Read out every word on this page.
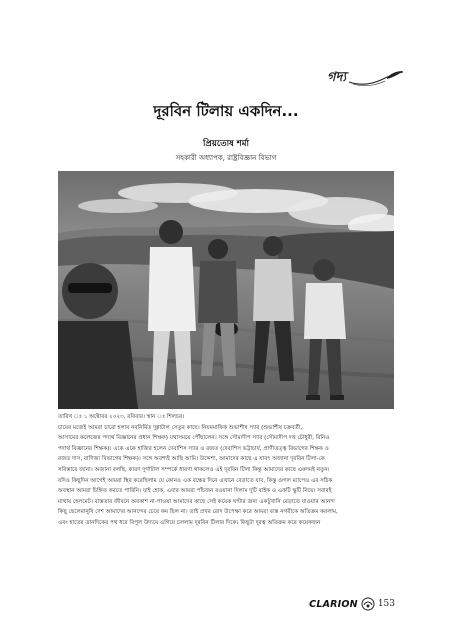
গদ্য
দূরবিন টিলায় একদিন...
প্রিয়তোষ শর্মা
সহকারী অধ্যাপক, রাষ্ট্রবিজ্ঞান বিভাগ

তারিখ ঃ ১ অক্টোবর ২০২৩, রবিবার। স্থান ঃ শিলচর।

চায়ের মজেই আমরা চারো হলাম নবনির্মিত দুগ্গাটাল সেতুর কাছে। নিয়মমাফিক শুভাশীষ স্যার (শুভাশীষ চক্রবর্তী,

আসামের কলেজের পদার্থ বিজ্ঞানের প্রধান শিক্ষক) যথাসময়ে পৌঁছালেন। সঙ্গে সৌম্যদীপ স্যার (সৌম্যদীপ দত্ত চৌধুরী, রিনিও

পদার্থ বিজ্ঞানের শিক্ষক)। একে একে হাজির হলেন দেবাশিস স্যার ও রজত (দেবাশিস ভট্টাচার্য, প্রাণীতত্ত্ব বিভাগের শিক্ষক ও

রজত দাস, বাণিজ্য বিভাগের শিক্ষক)। সঙ্গে অবশ্যই আছি আমি। উদ্দেশ্য, আমাদের কাছে এ যাবৎ অজানা দূরবিন টিলা-কে

সবিস্তারে জানা। অজানা বলছি, কারণ দুর্গাটাল সম্পর্কে ধারণা থাকলেও এই দূরবিন টিলা কিন্তু আমাদের কাছে একদমই নতুন।

যদিও কিছুদিন আগেই আমরা স্থির করেছিলাম যে কোনও এক বন্ধের দিনে এখানে বেড়াতে যাব, কিন্তু গুগল ম্যাপেও এর সঠিক

অবস্থান আমরা চিহ্নিত করতে পারিনি। যাই হোক, এবার আমরা পাঁচজন রওয়ানা দিলাম দুটি বাইক ও একটি স্কুটি নিয়ে। সবারই

মাথায় হেলমেট। ব্যস্ততার জীবনে অবকাশ না-পাওয়া আমাদের কাছে সেই কয়েক ঘণ্টার জন্য একটুখানি বেড়াতে যাওয়ার আনন্দ

কিছু ছেলেমানুষি দেশ আমাদের আনন্দের চেয়ে কম ছিল না। তাই প্রখর রোদ উপেক্ষা করে আমরা ব্যস্ত নগরীকে অতিক্রম করলাম,

এবং হাতের ডানদিকের পথ ধরে বিপুল উদ্যমে এগিয়ে চললাম দূরবিন টিলার দিকে। কিছুটা দূরত্ব অতিক্রম করে কয়েকজন

CLARION 153
